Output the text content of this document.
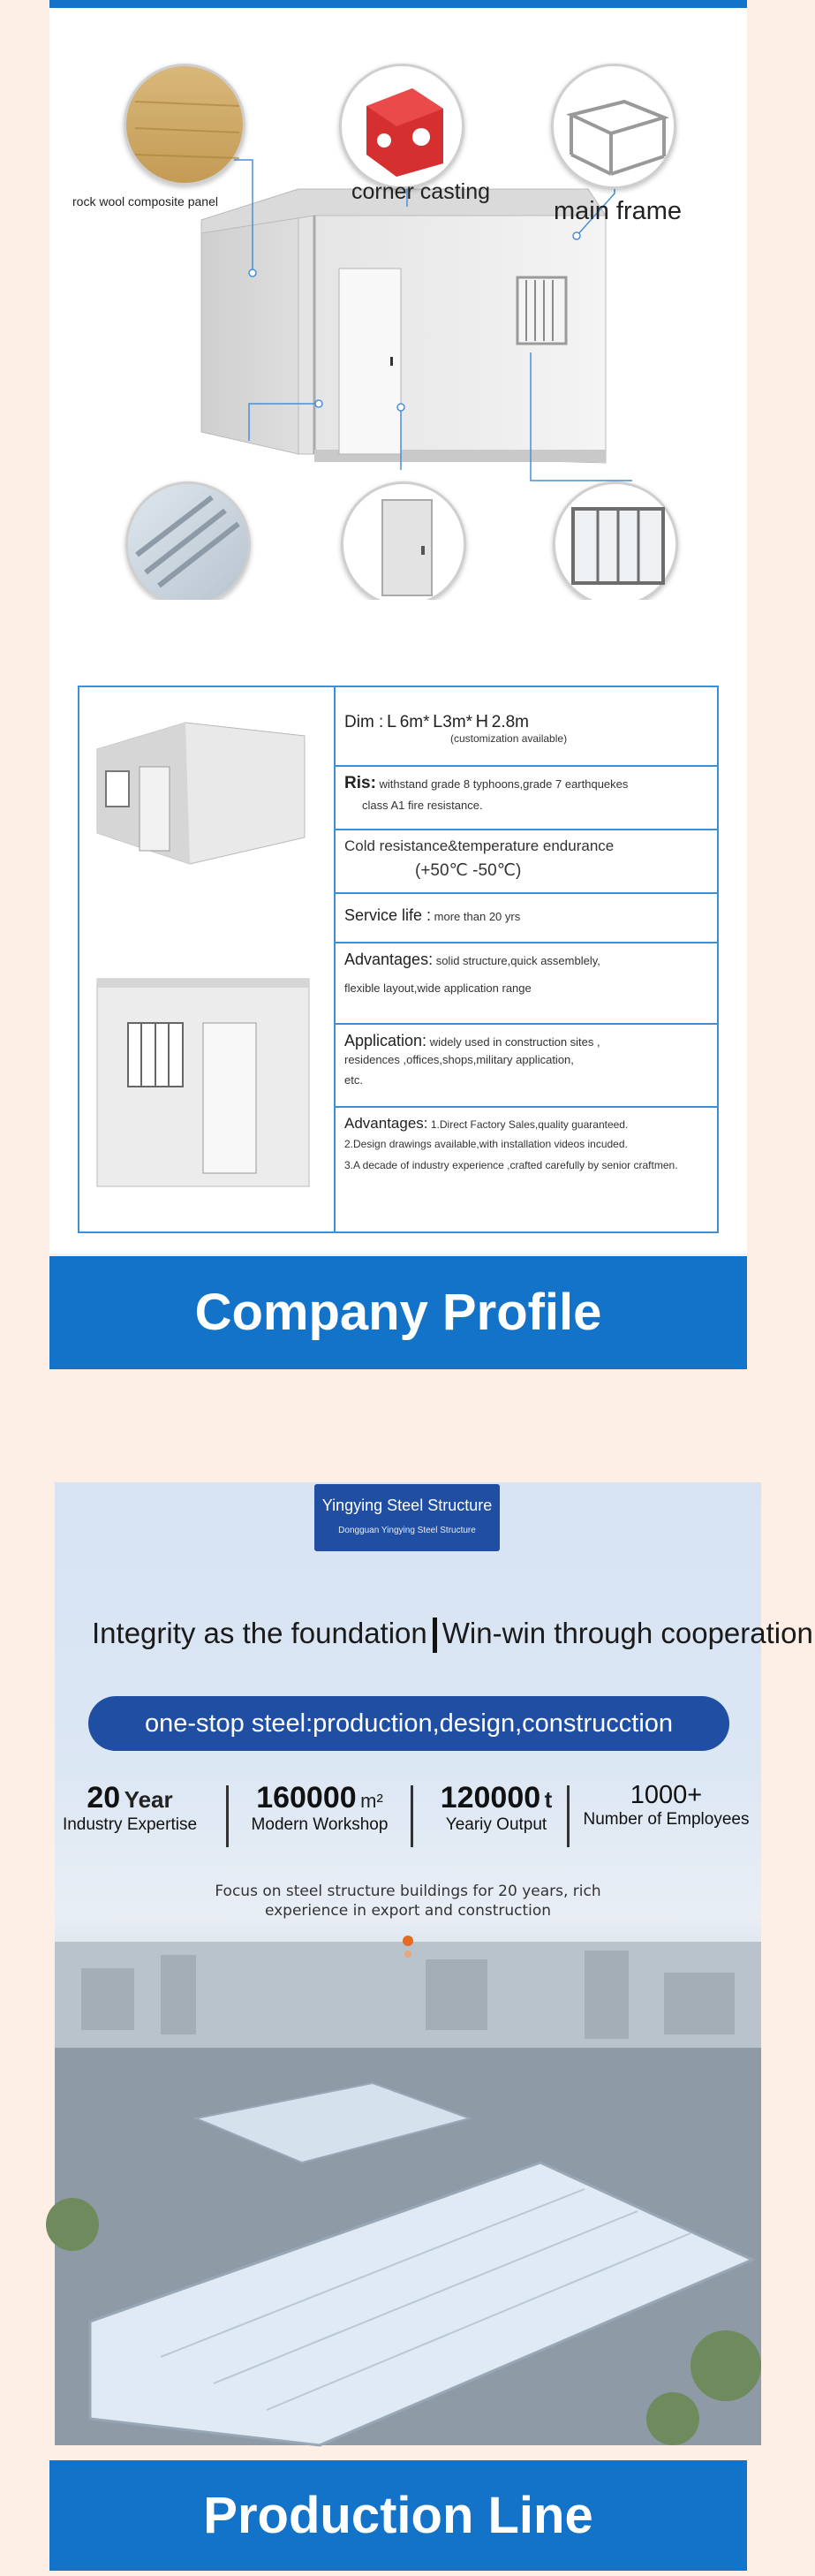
rock wool composite panel	corner casting
main frame
Dim : L 6m* L3m* H 2.8m
(customization available)
Ris: withstand grade 8 typhoons,grade 7 earthquekes
class A1 fire resistance.
Cold resistance&temperature endurance
(+50℃ -50℃)
Service life : more than 20 yrs
Advantages: solid structure,quick assemblely,
flexible layout,wide application range
Application: widely used in construction sites ,
residences ,offices,shops,military application,
etc.
Advantages: 1.Direct Factory Sales,quality guaranteed.
2.Design drawings available,with installation videos incuded.
3.A decade of industry experience ,crafted carefully by senior craftmen.
Company Profile
Yingying Steel Structure
Dongguan Yingying Steel Structure
Integrity as the foundation Win-win through cooperation
one-stop steel:production,design,construcction
20 Year
Industry Expertise
160000 m²
Modern Workshop
120000 t
Yeariy Output
1000+
Number of Employees
Focus on steel structure buildings for 20 years, rich
experience in export and construction
Production Line
